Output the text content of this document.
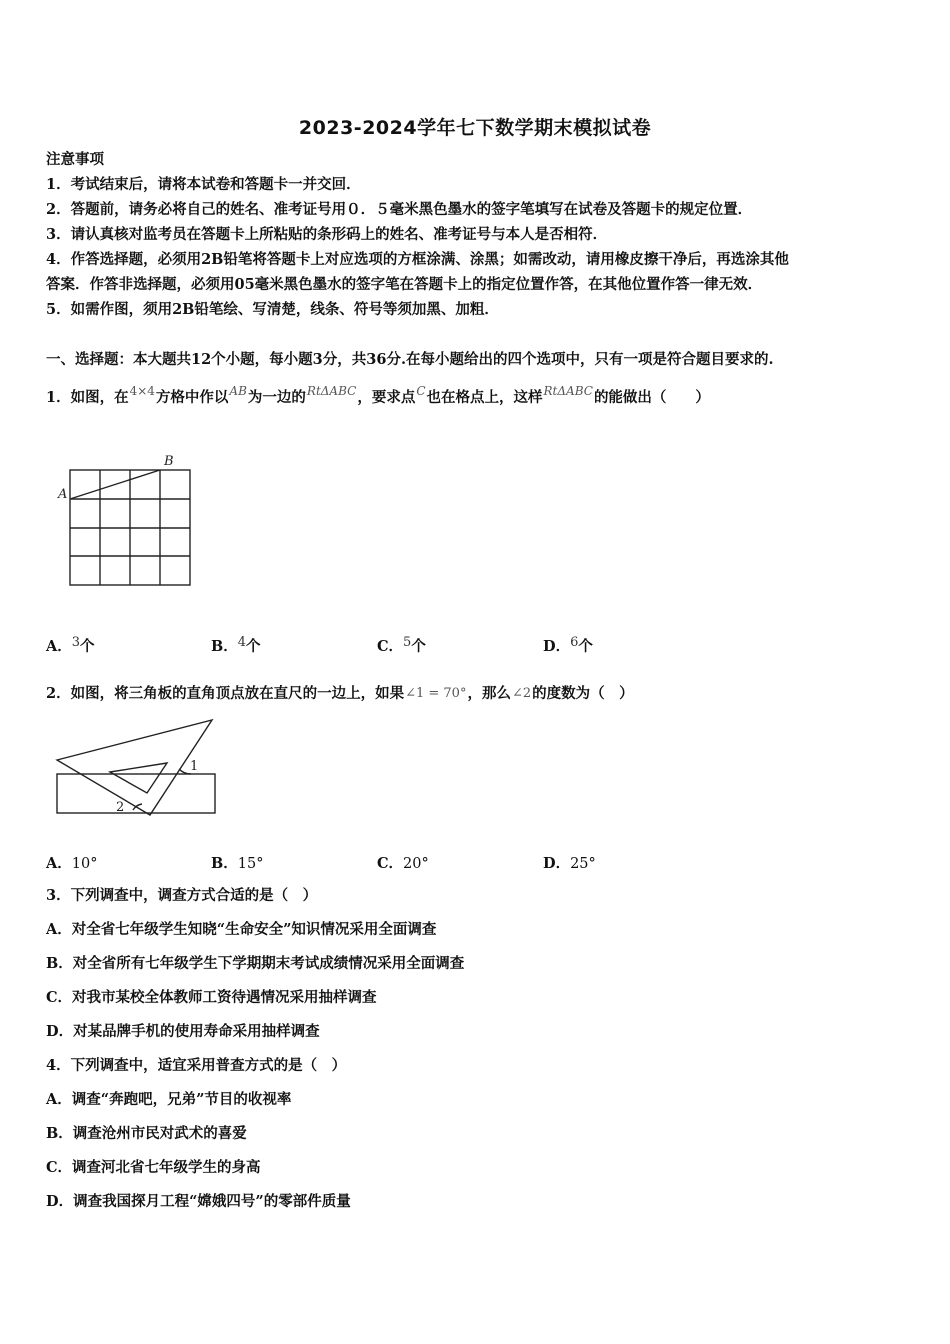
2023-2024学年七下数学期末模拟试卷
注意事项
1．考试结束后，请将本试卷和答题卡一并交回．
2．答题前，请务必将自己的姓名、准考证号用０．５毫米黑色墨水的签字笔填写在试卷及答题卡的规定位置．
3．请认真核对监考员在答题卡上所粘贴的条形码上的姓名、准考证号与本人是否相符．
4．作答选择题，必须用2B铅笔将答题卡上对应选项的方框涂满、涂黑；如需改动，请用橡皮擦干净后，再选涂其他
答案．作答非选择题，必须用05毫米黑色墨水的签字笔在答题卡上的指定位置作答，在其他位置作答一律无效．
5．如需作图，须用2B铅笔绘、写清楚，线条、符号等须加黑、加粗．
一、选择题：本大题共12个小题，每小题3分，共36分.在每小题给出的四个选项中，只有一项是符合题目要求的.
1．如图，在$^{4\times 4}$方格中作以$^{AB}$为一边的$^{Rt\Delta ABC}$，要求点$^C$也在格点上，这样$^{Rt\Delta ABC}$的能做出（　　）
A
B
A．3个	B．4个	C．5个	D．6个
2．如图，将三角板的直角顶点放在直尺的一边上，如果∠1 = 70°，那么∠2的度数为（　）
1
2
A．10°	B．15°	C．20°	D．25°
3．下列调查中，调查方式合适的是（　）
A．对全省七年级学生知晓“生命安全”知识情况采用全面调查
B．对全省所有七年级学生下学期期末考试成绩情况采用全面调查
C．对我市某校全体教师工资待遇情况采用抽样调查
D．对某品牌手机的使用寿命采用抽样调查
4．下列调查中，适宜采用普查方式的是（　）
A．调查“奔跑吧，兄弟”节目的收视率
B．调查沧州市民对武术的喜爱
C．调查河北省七年级学生的身高
D．调查我国探月工程“嫦娥四号”的零部件质量
